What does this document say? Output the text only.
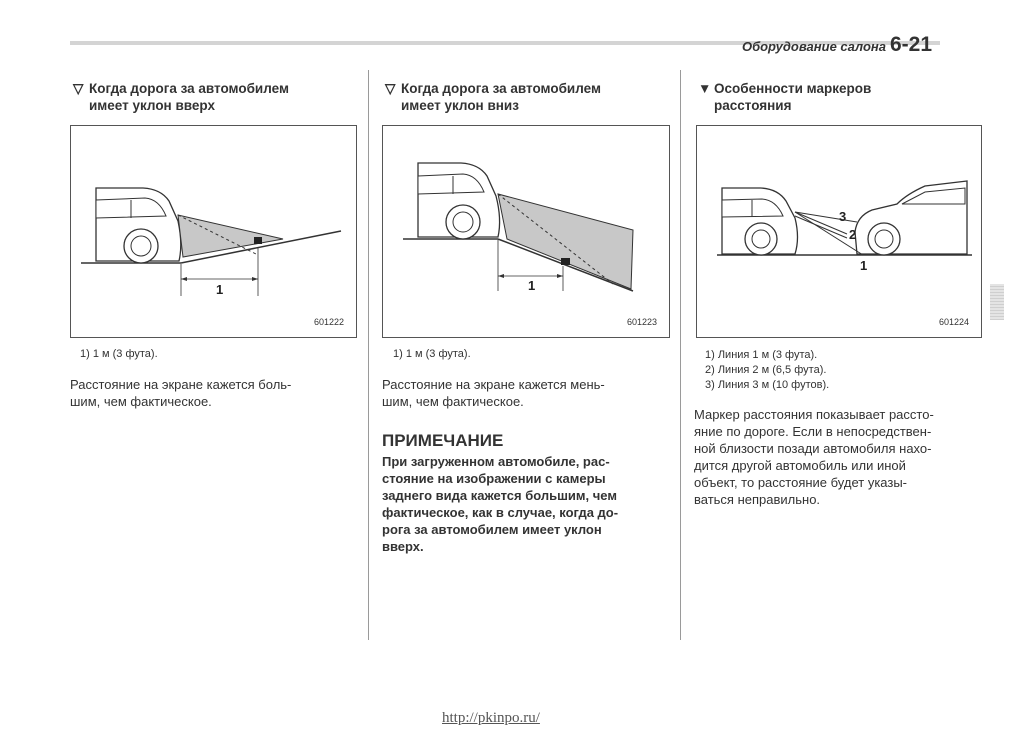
Оборудование салона 6-21
▽ Когда дорога за автомобилем
имеет уклон вверх
1
601222
1) 1 м (3 фута).
Расстояние на экране кажется боль-
шим, чем фактическое.
▽ Когда дорога за автомобилем
имеет уклон вниз
1
601223
1) 1 м (3 фута).
Расстояние на экране кажется мень-
шим, чем фактическое.
ПРИМЕЧАНИЕ
При загруженном автомобиле, рас-
стояние на изображении с камеры
заднего вида кажется большим, чем
фактическое, как в случае, когда до-
рога за автомобилем имеет уклон
вверх.
▼ Особенности маркеров
расстояния
1
2
3
601224
1) Линия 1 м (3 фута).
2) Линия 2 м (6,5 фута).
3) Линия 3 м (10 футов).
Маркер расстояния показывает рассто-
яние по дороге. Если в непосредствен-
ной близости позади автомобиля нахо-
дится другой автомобиль или иной
объект, то расстояние будет указы-
ваться неправильно.
http://pkinpo.ru/
